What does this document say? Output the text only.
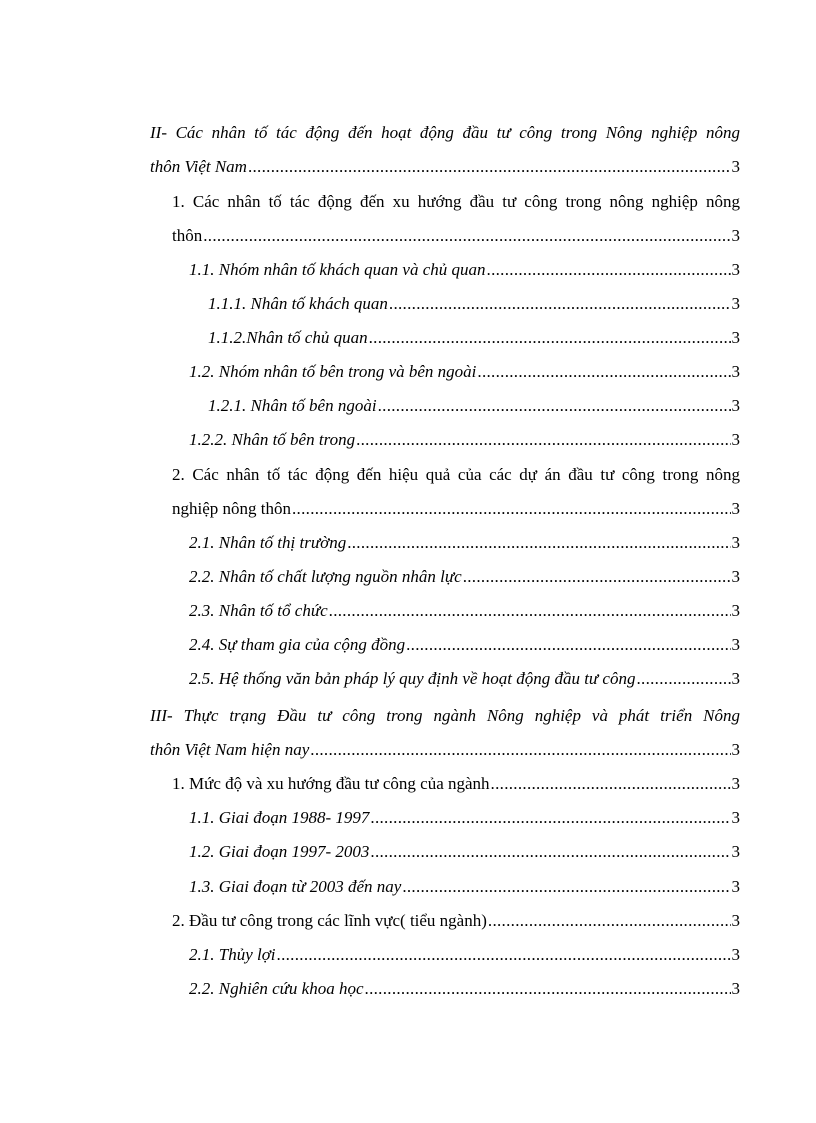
II- Các nhân tố tác động đến hoạt động đầu tư công trong Nông nghiệp nông
thôn Việt Nam .....	3
1. Các nhân tố tác động đến xu hướng đầu tư công trong nông nghiệp nông
thôn .....	3
1.1. Nhóm nhân tố khách quan và chủ quan .....	3
1.1.1. Nhân tố khách quan .....	3
1.1.2.Nhân tố chủ quan .....	3
1.2. Nhóm nhân tố bên trong và bên ngoài .....	3
1.2.1. Nhân tố bên ngoài .....	3
1.2.2. Nhân tố bên trong .....	3
2. Các nhân tố tác động đến hiệu quả của các dự án đầu tư công trong nông
nghiệp nông thôn .....	3
2.1. Nhân tố thị trường .....	3
2.2. Nhân tố chất lượng nguồn nhân lực .....	3
2.3. Nhân tố tổ chức .....	3
2.4. Sự tham gia của cộng đồng .....	3
2.5. Hệ thống văn bản pháp lý quy định về hoạt động đầu tư công .....	3
III- Thực trạng Đầu tư công trong ngành Nông nghiệp và phát triển Nông
thôn Việt Nam hiện nay .....	3
1. Mức độ và xu hướng đầu tư công của ngành .....	3
1.1. Giai đoạn 1988- 1997 .....	3
1.2. Giai đoạn 1997- 2003 .....	3
1.3. Giai đoạn từ 2003 đến nay .....	3
2. Đầu tư công trong các lĩnh vực( tiểu ngành) .....	3
2.1. Thủy lợi .....	3
2.2. Nghiên cứu khoa học .....	3
